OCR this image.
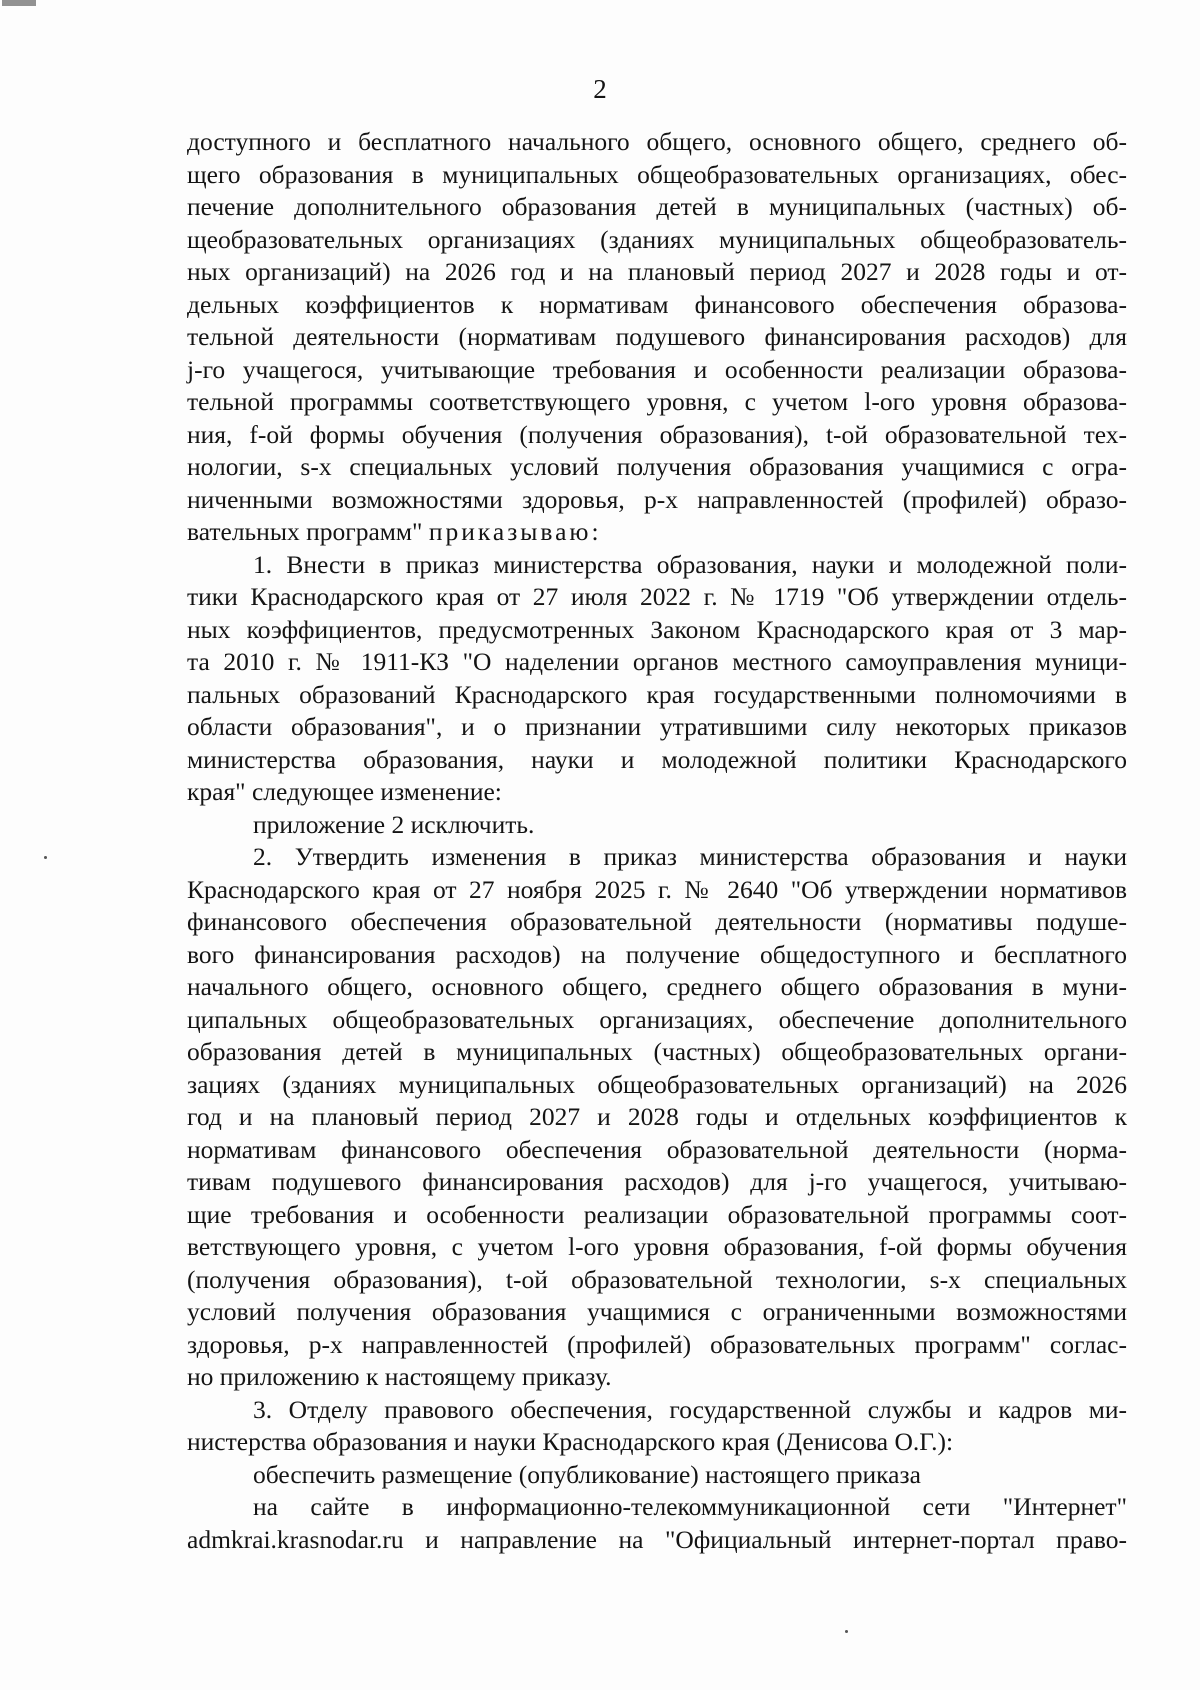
2
доступного и бесплатного начального общего, основного общего, среднего об-
щего образования в муниципальных общеобразовательных организациях, обес-
печение дополнительного образования детей в муниципальных (частных) об-
щеобразовательных организациях (зданиях муниципальных общеобразователь-
ных организаций) на 2026 год и на плановый период 2027 и 2028 годы и от-
дельных коэффициентов к нормативам финансового обеспечения образова-
тельной деятельности (нормативам подушевого финансирования расходов) для
j-го учащегося, учитывающие требования и особенности реализации образова-
тельной программы соответствующего уровня, с учетом l-ого уровня образова-
ния, f-ой формы обучения (получения образования), t-ой образовательной тех-
нологии, s-х специальных условий получения образования учащимися с огра-
ниченными возможностями здоровья, p-х направленностей (профилей) образо-
вательных программ" приказываю:
1. Внести в приказ министерства образования, науки и молодежной поли-
тики Краснодарского края от 27 июля 2022 г. № 1719 "Об утверждении отдель-
ных коэффициентов, предусмотренных Законом Краснодарского края от 3 мар-
та 2010 г. № 1911-КЗ "О наделении органов местного самоуправления муници-
пальных образований Краснодарского края государственными полномочиями в
области образования", и о признании утратившими силу некоторых приказов
министерства образования, науки и молодежной политики Краснодарского
края" следующее изменение:
приложение 2 исключить.
2. Утвердить изменения в приказ министерства образования и науки
Краснодарского края от 27 ноября 2025 г. № 2640 "Об утверждении нормативов
финансового обеспечения образовательной деятельности (нормативы подуше-
вого финансирования расходов) на получение общедоступного и бесплатного
начального общего, основного общего, среднего общего образования в муни-
ципальных общеобразовательных организациях, обеспечение дополнительного
образования детей в муниципальных (частных) общеобразовательных органи-
зациях (зданиях муниципальных общеобразовательных организаций) на 2026
год и на плановый период 2027 и 2028 годы и отдельных коэффициентов к
нормативам финансового обеспечения образовательной деятельности (норма-
тивам подушевого финансирования расходов) для j-го учащегося, учитываю-
щие требования и особенности реализации образовательной программы соот-
ветствующего уровня, с учетом l-ого уровня образования, f-ой формы обучения
(получения образования), t-ой образовательной технологии, s-х специальных
условий получения образования учащимися с ограниченными возможностями
здоровья, p-х направленностей (профилей) образовательных программ" соглас-
но приложению к настоящему приказу.
3. Отделу правового обеспечения, государственной службы и кадров ми-
нистерства образования и науки Краснодарского края (Денисова О.Г.):
обеспечить размещение (опубликование) настоящего приказа
на сайте в информационно-телекоммуникационной сети "Интернет"
admkrai.krasnodar.ru и направление на "Официальный интернет-портал право-
